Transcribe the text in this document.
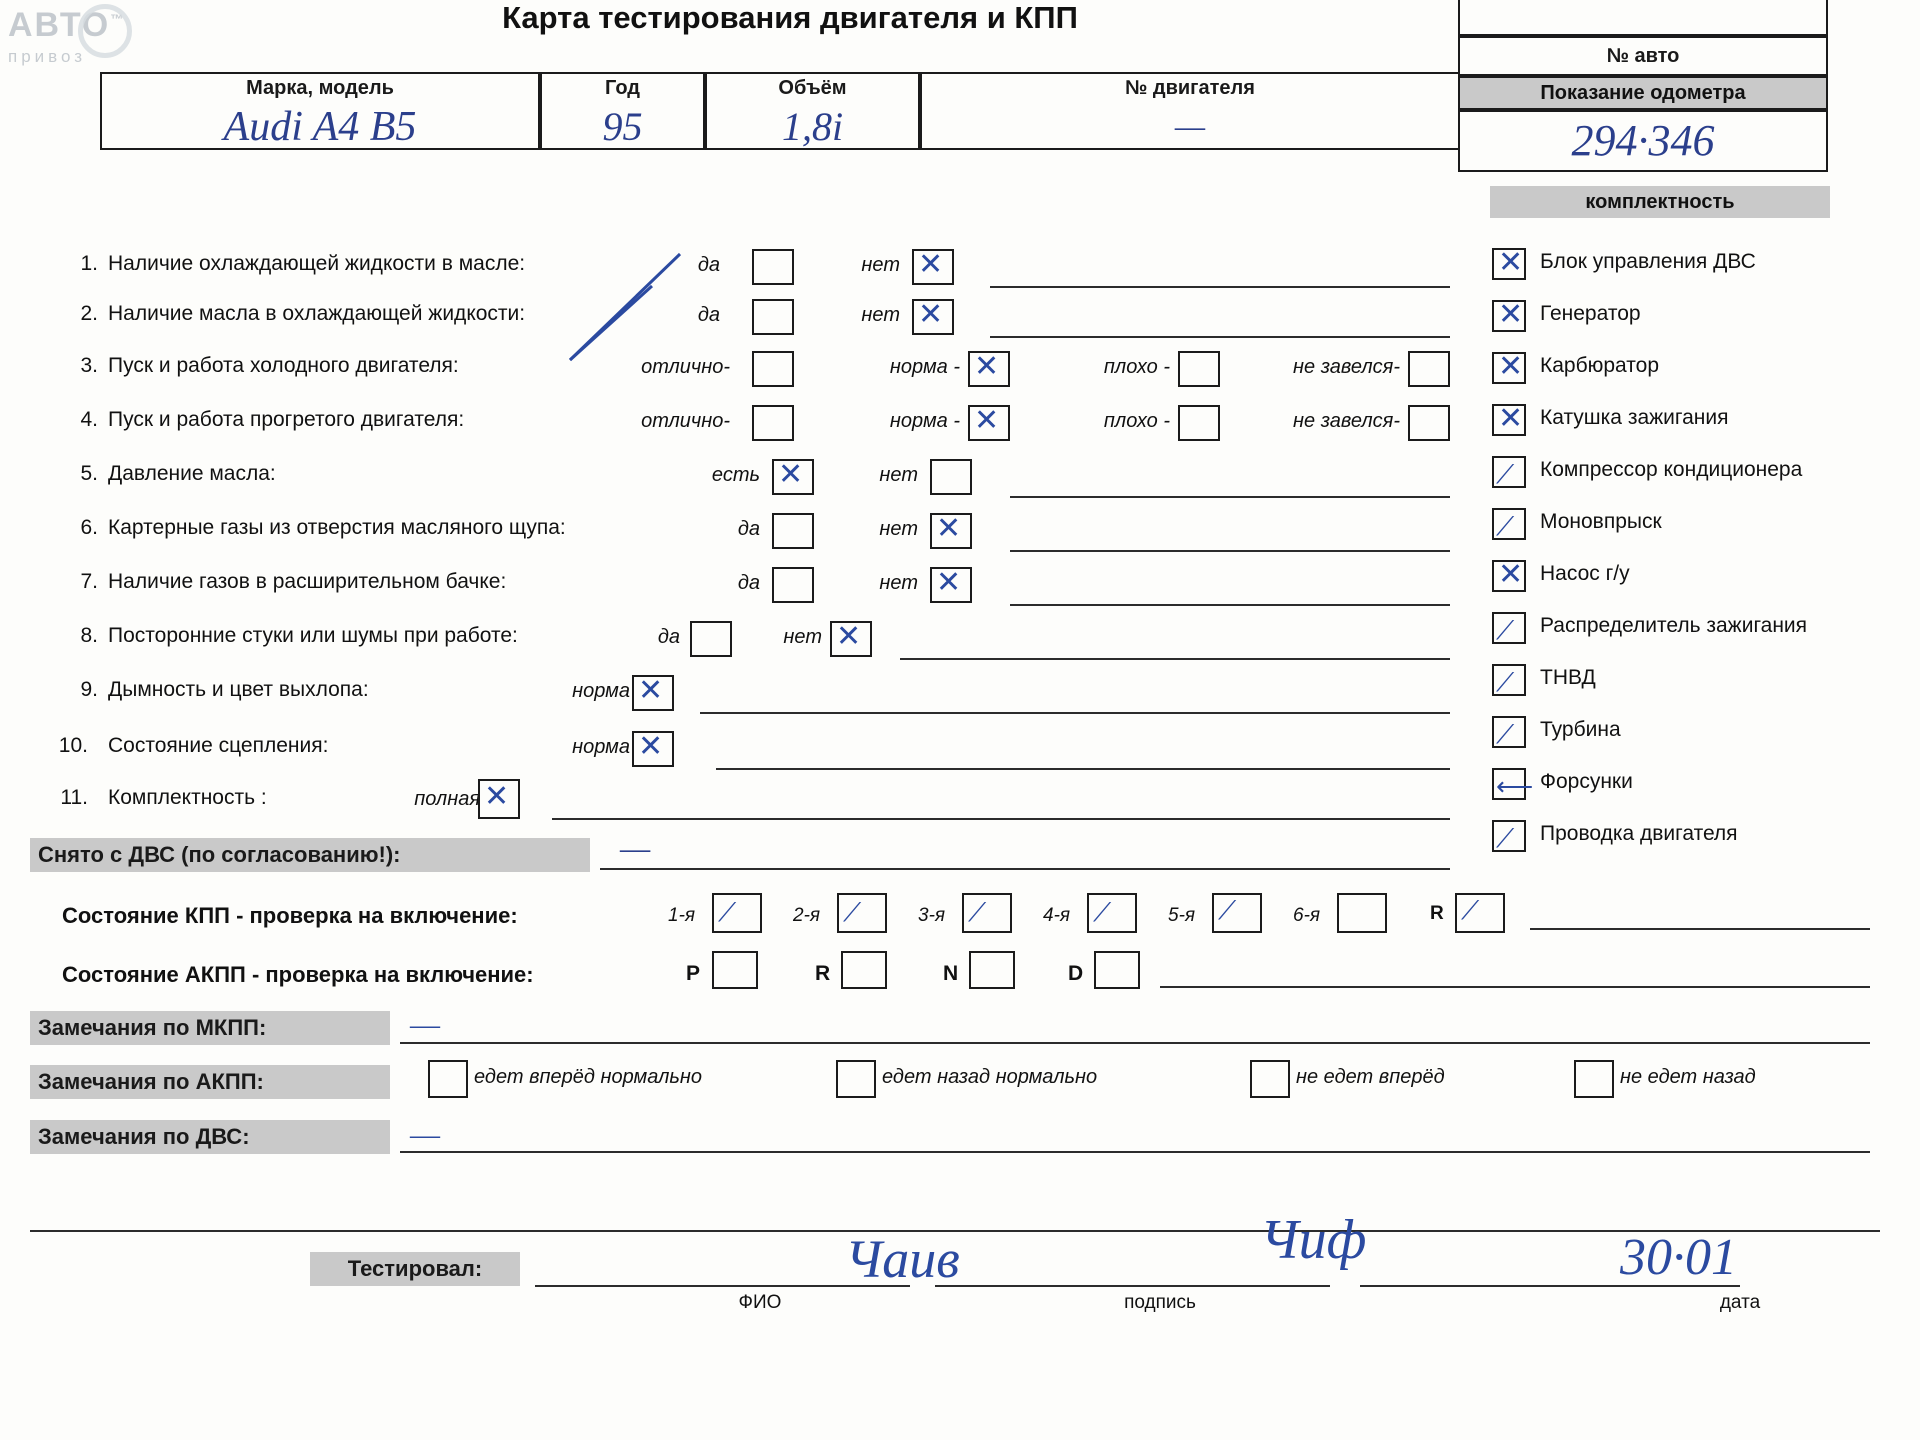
АВТО™
привоз
Карта тестирования двигателя и КПП
Марка, модель	Год	Объём	№ двигателя
Audi A4 B5	95	1,8i	—
№ авто
Показание одометра
294·346
комплектность
✕ Блок управления ДВС
✕ Генератор
✕ Карбюратор
✕ Катушка зажигания
⟋ Компрессор кондиционера
⟋ Моновпрыск
✕ Насос г/у
⟋ Распределитель зажигания
⟋ ТНВД
⟋ Турбина
⟵ Форсунки
⟋ Проводка двигателя
1. Наличие охлаждающей жидкости в масле:	да	нет ✕
2. Наличие масла в охлаждающей жидкости:	да	нет ✕
3. Пуск и работа холодного двигателя:	отлично-	норма - ✕	плохо -	не завелся-
4. Пуск и работа прогретого двигателя:	отлично-	норма - ✕	плохо -	не завелся-
5. Давление масла:	есть ✕	нет
6. Картерные газы из отверстия масляного щупа:	да	нет ✕
7. Наличие газов в расширительном бачке:	да	нет ✕
8. Посторонние стуки или шумы при работе:	да	нет ✕
9. Дымность и цвет выхлопа:	норма ✕
10. Состояние сцепления:	норма ✕
11. Комплектность :	полная ✕
Снято с ДВС (по согласованию!):	—
Состояние КПП - проверка на включение:	1-я ⟋	2-я ⟋	3-я ⟋	4-я ⟋	5-я ⟋	6-я	R ⟋
Состояние АКПП - проверка на включение:	P	R	N	D
Замечания по МКПП:	—
Замечания по АКПП:	едет вперёд нормально	едет назад нормально	не едет вперёд	не едет назад
Замечания по ДВС:	—
Тестировал:	Чаив	Чиф	30·01
ФИО	подпись	дата
